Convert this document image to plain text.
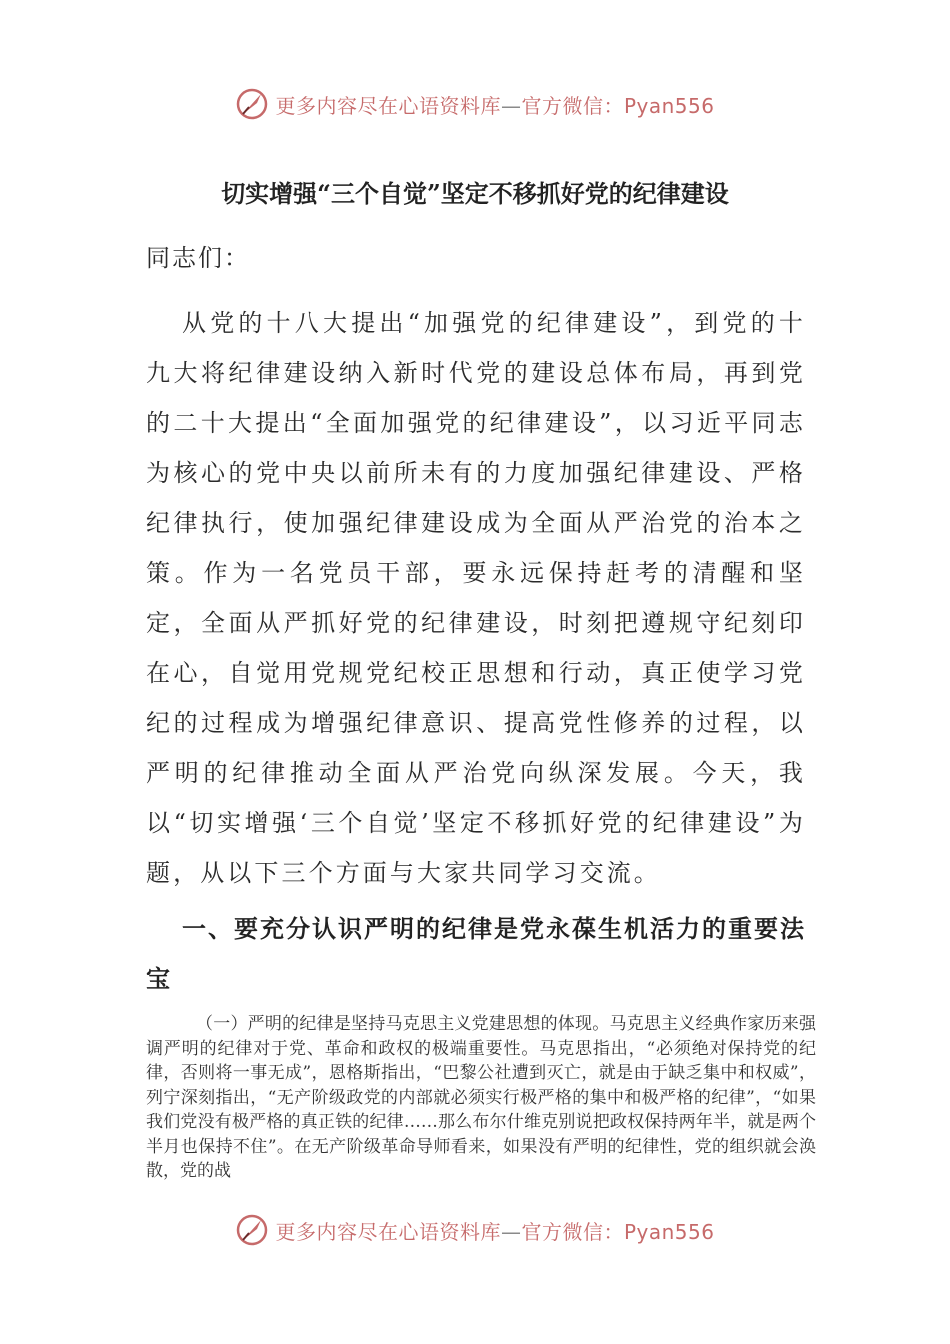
更多内容尽在心语资料库—官方微信：Pyan556
切实增强“三个自觉”坚定不移抓好党的纪律建设
同志们：

从党的十八大提出“加强党的纪律建设”，到党的十九大将纪律建设纳入新时代党的建设总体布局，再到党的二十大提出“全面加强党的纪律建设”，以习近平同志为核心的党中央以前所未有的力度加强纪律建设、严格纪律执行，使加强纪律建设成为全面从严治党的治本之策。作为一名党员干部，要永远保持赶考的清醒和坚定，全面从严抓好党的纪律建设，时刻把遵规守纪刻印在心，自觉用党规党纪校正思想和行动，真正使学习党纪的过程成为增强纪律意识、提高党性修养的过程，以严明的纪律推动全面从严治党向纵深发展。今天，我以“切实增强‘三个自觉’坚定不移抓好党的纪律建设”为题，从以下三个方面与大家共同学习交流。

一、要充分认识严明的纪律是党永葆生机活力的重要法宝

（一）严明的纪律是坚持马克思主义党建思想的体现。马克思主义经典作家历来强调严明的纪律对于党、革命和政权的极端重要性。马克思指出，“必须绝对保持党的纪律，否则将一事无成”，恩格斯指出，“巴黎公社遭到灭亡，就是由于缺乏集中和权威”，列宁深刻指出，“无产阶级政党的内部就必须实行极严格的集中和极严格的纪律”，“如果我们党没有极严格的真正铁的纪律……那么布尔什维克别说把政权保持两年半，就是两个半月也保持不住”。在无产阶级革命导师看来，如果没有严明的纪律性，党的组织就会涣散，党的战

更多内容尽在心语资料库—官方微信：Pyan556
